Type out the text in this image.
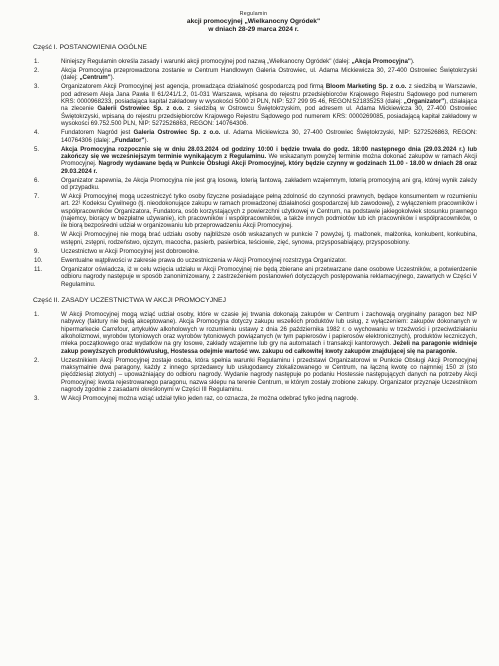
Regulamin
akcji promocyjnej „Wielkanocny Ogródek"
w dniach 28-29 marca 2024 r.
Część I. POSTANOWIENIA OGÓLNE
1.	Niniejszy Regulamin określa zasady i warunki akcji promocyjnej pod nazwą „Wielkanocny Ogródek" (dalej: „Akcja Promocyjna").
2.	Akcja Promocyjna przeprowadzona zostanie w Centrum Handlowym Galeria Ostrowiec, ul. Adama Mickiewicza 30, 27-400 Ostrowiec Świętokrzyski (dalej: „Centrum").
3.	Organizatorem Akcji Promocyjnej jest agencja, prowadząca działalność gospodarczą pod firmą Bloom Marketing Sp. z o.o. z siedzibą w Warszawie, pod adresem Aleja Jana Pawła II 61/241/1.2, 01-031 Warszawa, wpisana do rejestru przedsiębiorców Krajowego Rejestru Sądowego pod numerem KRS: 0000968233, posiadająca kapitał zakładowy w wysokości 5000 zł PLN, NIP: 527 299 95 46, REGON:521835253 (dalej: „Organizator"), działająca na zlecenie Galerii Ostrowiec Sp. z o.o. z siedzibą w Ostrowcu Świętokrzyskim, pod adresem ul. Adama Mickiewicza 30, 27-400 Ostrowiec Świętokrzyski, wpisaną do rejestru przedsiębiorców Krajowego Rejestru Sądowego pod numerem KRS: 0000269085, posiadającą kapitał zakładowy w wysokości 69.752.500 PLN, NIP: 5272526863, REGON: 140764306.
4.	Fundatorem Nagród jest Galeria Ostrowiec Sp. z o.o. ul. Adama Mickiewicza 30, 27-400 Ostrowiec Świętokrzyski, NIP: 5272526863, REGON: 140764306 (dalej: „Fundator").
5.	Akcja Promocyjna rozpocznie się w dniu 28.03.2024 od godziny 10:00 i będzie trwała do godz. 18:00 następnego dnia (29.03.2024 r.) lub zakończy się we wcześniejszym terminie wynikającym z Regulaminu. We wskazanym powyżej terminie można dokonać zakupów w ramach Akcji Promocyjnej. Nagrody wydawane będą w Punkcie Obsługi Akcji Promocyjnej, który będzie czynny w godzinach 11.00 - 18.00 w dniach 28 oraz 29.03.2024 r.
6.	Organizator zapewnia, że Akcja Promocyjna nie jest grą losową, loterią fantową, zakładem wzajemnym, loterią promocyjną ani grą, której wynik zależy od przypadku.
7.	W Akcji Promocyjnej mogą uczestniczyć tylko osoby fizyczne posiadające pełną zdolność do czynności prawnych, będące konsumentem w rozumieniu art. 22¹ Kodeksu Cywilnego (tj. nieodokonujące zakupu w ramach prowadzonej działalności gospodarczej lub zawodowej), z wyłączeniem pracowników i współpracowników Organizatora, Fundatora, osób korzystających z powierzchni użytkowej w Centrum, na podstawie jakiegokolwiek stosunku prawnego (najemcy, biorący w bezpłatne używanie), ich pracowników i współpracowników, a także innych podmiotów lub ich pracowników i współpracowników, o ile biorą bezpośredni udział w organizowaniu lub przeprowadzeniu Akcji Promocyjnej.
8.	W Akcji Promocyjnej nie mogą brać udziału osoby najbliższe osób wskazanych w punkcie 7 powyżej, tj. małżonek, małżonka, konkubent, konkubina, wstępni, zstępni, rodzeństwo, ojczym, macocha, pasierb, pasierbica, teściowie, zięć, synowa, przysposabiający, przysposobiony.
9.	Uczestnictwo w Akcji Promocyjnej jest dobrowolne.
10.	Ewentualne wątpliwości w zakresie prawa do uczestniczenia w Akcji Promocyjnej rozstrzyga Organizator.
11.	Organizator oświadcza, iż w celu wzięcia udziału w Akcji Promocyjnej nie będą zbierane ani przetwarzane dane osobowe Uczestników, a potwierdzenie odbioru nagrody następuje w sposób zanonimizowany, z zastrzeżeniem postanowień dotyczących postępowania reklamacyjnego, zawartych w Części V Regulaminu.
Część II. ZASADY UCZESTNICTWA W AKCJI PROMOCYJNEJ
1.	W Akcji Promocyjnej mogą wziąć udział osoby, które w czasie jej trwania dokonają zakupów w Centrum i zachowają oryginalny paragon bez NIP nabywcy (faktury nie będą akceptowane). Akcja Promocyjna dotyczy zakupu wszelkich produktów lub usług, z wyłączeniem: zakupów dokonanych w hipermarkecie Carrefour, artykułów alkoholowych w rozumieniu ustawy z dnia 26 października 1982 r. o wychowaniu w trzeźwości i przeciwdziałaniu alkoholizmowi, wyrobów tytoniowych oraz wyrobów tytoniowych powiązanych (w tym papierosów i papierosów elektronicznych), produktów leczniczych, mleka początkowego oraz wydatków na gry losowe, zakłady wzajemne lub gry na automatach i transakcji kantorowych. Jeżeli na paragonie widnieje zakup powyższych produktów/usług, Hostessa odejmie wartość ww. zakupu od całkowitej kwoty zakupów znajdującej się na paragonie.
2.	Uczestnikiem Akcji Promocyjnej zostaje osoba, która spełnia warunki Regulaminu i przedstawi Organizatorowi w Punkcie Obsługi Akcji Promocyjnej maksymalnie dwa paragony, każdy z innego sprzedawcy lub usługodawcy zlokalizowanego w Centrum, na łączną kwotę co najmniej 150 zł (sto pięćdziesiąt złotych) – upoważniający do odbioru nagrody. Wydanie nagrody następuje po podaniu Hostessie następujących danych na potrzeby Akcji Promocyjnej: kwota rejestrowanego paragonu, nazwa sklepu na terenie Centrum, w którym zostały zrobione zakupy. Organizator przyznaje Uczestnikom nagrody zgodnie z zasadami określonymi w Części III Regulaminu.
3.	W Akcji Promocyjnej można wziąć udział tylko jeden raz, co oznacza, że można odebrać tylko jedną nagrodę.
